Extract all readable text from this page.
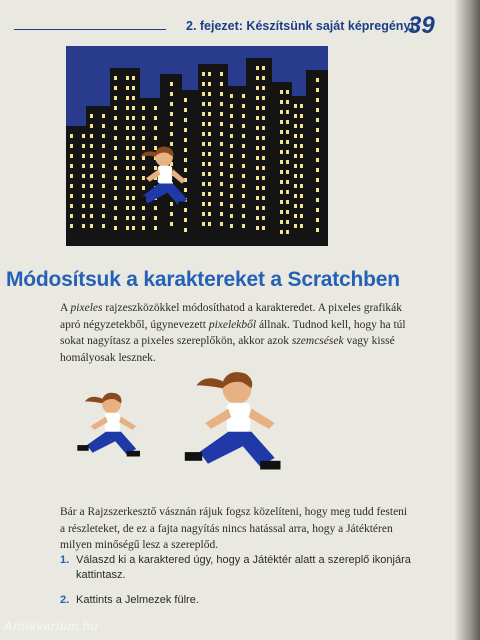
2. fejezet: Készítsünk saját képregényt
39
Módosítsuk a karaktereket a Scratchben

A pixeles rajzeszközökkel módosíthatod a karakteredet. A pixeles grafikák apró négyzetekből, úgynevezett pixelekből állnak. Tudnod kell, hogy ha túl sokat nagyítasz a pixeles szereplőkön, akkor azok szemcsések vagy kissé homályosak lesznek.

Bár a Rajzszerkesztő vásznán rájuk fogsz közelíteni, hogy meg tudd festeni a részleteket, de ez a fajta nagyítás nincs hatással arra, hogy a Játéktéren milyen minőségű lesz a szereplőd.

1. Válaszd ki a karaktered úgy, hogy a Játéktér alatt a szereplő ikonjára kattintasz.
2. Kattints a Jelmezek fülre.
Antikvarium.hu
